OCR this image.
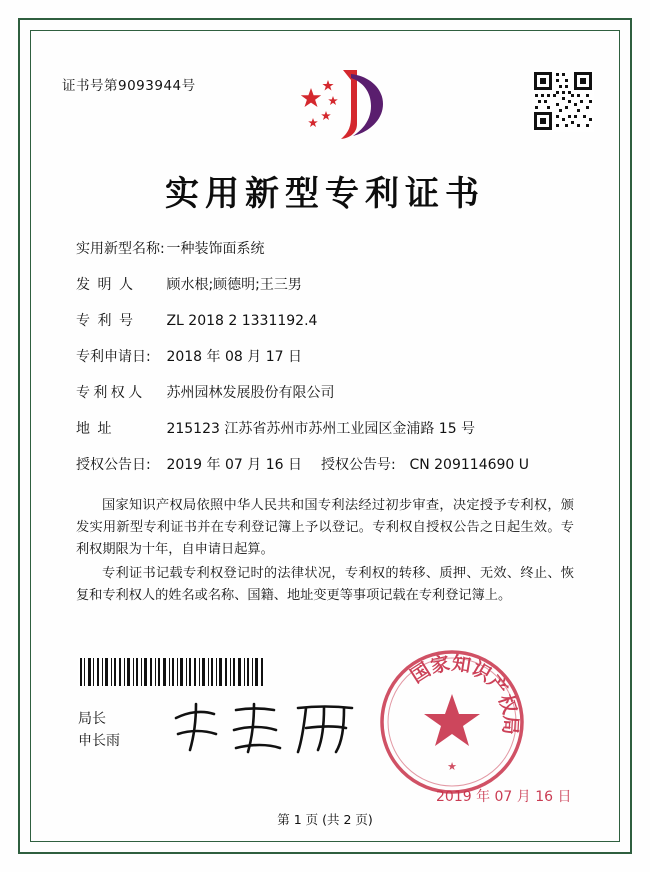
证书号第9093944号
实用新型专利证书
实用新型名称: 一种装饰面系统
发明人 顾水根;顾德明;王三男
专利号 ZL 2018 2 1331192.4
专利申请日: 2018 年 08 月 17 日
专利权人 苏州园林发展股份有限公司
地址	215123 江苏省苏州市苏州工业园区金浦路 15 号
授权公告日: 2019 年 07 月 16 日 授权公告号: CN 209114690 U

国家知识产权局依照中华人民共和国专利法经过初步审查，决定授予专利权，颁发实用新型专利证书并在专利登记簿上予以登记。专利权自授权公告之日起生效。专利权期限为十年，自申请日起算。

专利证书记载专利权登记时的法律状况，专利权的转移、质押、无效、终止、恢复和专利权人的姓名或名称、国籍、地址变更等事项记载在专利登记簿上。

局长
申长雨
国家知识产权局
★
2019 年 07 月 16 日
第 1 页 (共 2 页)
